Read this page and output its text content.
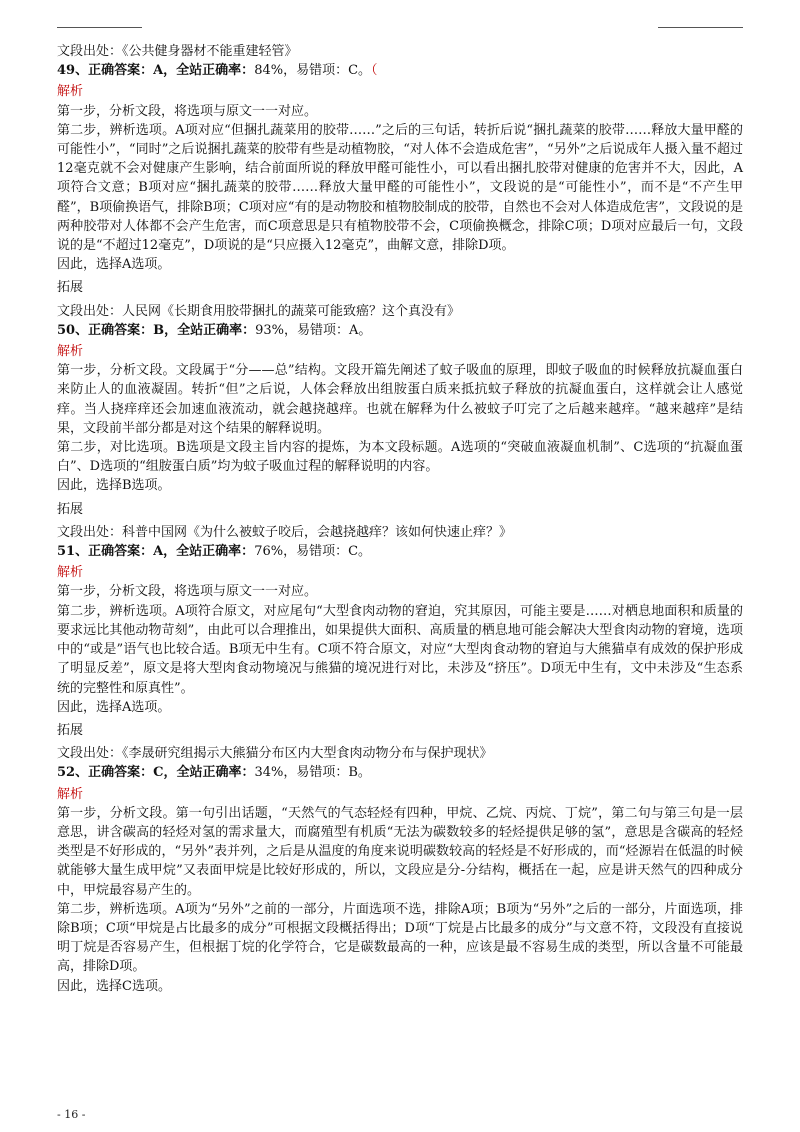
文段出处：《公共健身器材不能重建轻管》

49、正确答案：A，全站正确率：84%，易错项：C。（

解析

第一步，分析文段，将选项与原文一一对应。

第二步，辨析选项。A项对应“但捆扎蔬菜用的胶带……”之后的三句话，转折后说“捆扎蔬菜的胶带……释放大量甲醛的可能性小”，“同时”之后说捆扎蔬菜的胶带有些是动植物胶，“对人体不会造成危害”，“另外”之后说成年人摄入量不超过12毫克就不会对健康产生影响，结合前面所说的释放甲醛可能性小，可以看出捆扎胶带对健康的危害并不大，因此，A项符合文意；B项对应“捆扎蔬菜的胶带……释放大量甲醛的可能性小”，文段说的是“可能性小”，而不是“不产生甲醛”，B项偷换语气，排除B项；C项对应“有的是动物胶和植物胶制成的胶带，自然也不会对人体造成危害”，文段说的是两种胶带对人体都不会产生危害，而C项意思是只有植物胶带不会，C项偷换概念，排除C项；D项对应最后一句，文段说的是“不超过12毫克”，D项说的是“只应摄入12毫克”，曲解文意，排除D项。

因此，选择A选项。

拓展

文段出处：人民网《长期食用胶带捆扎的蔬菜可能致癌？这个真没有》

50、正确答案：B，全站正确率：93%，易错项：A。

解析

第一步，分析文段。文段属于“分——总”结构。文段开篇先阐述了蚊子吸血的原理，即蚊子吸血的时候释放抗凝血蛋白来防止人的血液凝固。转折“但”之后说，人体会释放出组胺蛋白质来抵抗蚊子释放的抗凝血蛋白，这样就会让人感觉痒。当人挠痒痒还会加速血液流动，就会越挠越痒。也就在解释为什么被蚊子叮完了之后越来越痒。“越来越痒”是结果，文段前半部分都是对这个结果的解释说明。

第二步，对比选项。B选项是文段主旨内容的提炼，为本文段标题。A选项的“突破血液凝血机制”、C选项的“抗凝血蛋白”、D选项的“组胺蛋白质”均为蚊子吸血过程的解释说明的内容。

因此，选择B选项。

拓展

文段出处：科普中国网《为什么被蚊子咬后，会越挠越痒？该如何快速止痒？》

51、正确答案：A，全站正确率：76%，易错项：C。

解析

第一步，分析文段，将选项与原文一一对应。

第二步，辨析选项。A项符合原文，对应尾句“大型食肉动物的窘迫，究其原因，可能主要是……对栖息地面积和质量的要求远比其他动物苛刻”，由此可以合理推出，如果提供大面积、高质量的栖息地可能会解决大型食肉动物的窘境，选项中的“或是”语气也比较合适。B项无中生有。C项不符合原文，对应“大型肉食动物的窘迫与大熊猫卓有成效的保护形成了明显反差”，原文是将大型肉食动物境况与熊猫的境况进行对比，未涉及“挤压”。D项无中生有，文中未涉及“生态系统的完整性和原真性”。

因此，选择A选项。

拓展

文段出处：《李晟研究组揭示大熊猫分布区内大型食肉动物分布与保护现状》

52、正确答案：C，全站正确率：34%，易错项：B。

解析

第一步，分析文段。第一句引出话题，“天然气的气态轻烃有四种，甲烷、乙烷、丙烷、丁烷”，第二句与第三句是一层意思，讲含碳高的轻烃对氢的需求量大，而腐殖型有机质“无法为碳数较多的轻烃提供足够的氢”，意思是含碳高的轻烃类型是不好形成的，“另外”表并列，之后是从温度的角度来说明碳数较高的轻烃是不好形成的，而“烃源岩在低温的时候就能够大量生成甲烷”又表面甲烷是比较好形成的，所以，文段应是分-分结构，概括在一起，应是讲天然气的四种成分中，甲烷最容易产生的。

第二步，辨析选项。A项为“另外”之前的一部分，片面选项不选，排除A项；B项为“另外”之后的一部分，片面选项，排除B项；C项“甲烷是占比最多的成分”可根据文段概括得出；D项“丁烷是占比最多的成分”与文意不符，文段没有直接说明丁烷是否容易产生，但根据丁烷的化学符合，它是碳数最高的一种，应该是最不容易生成的类型，所以含量不可能最高，排除D项。

因此，选择C选项。

- 16 -
